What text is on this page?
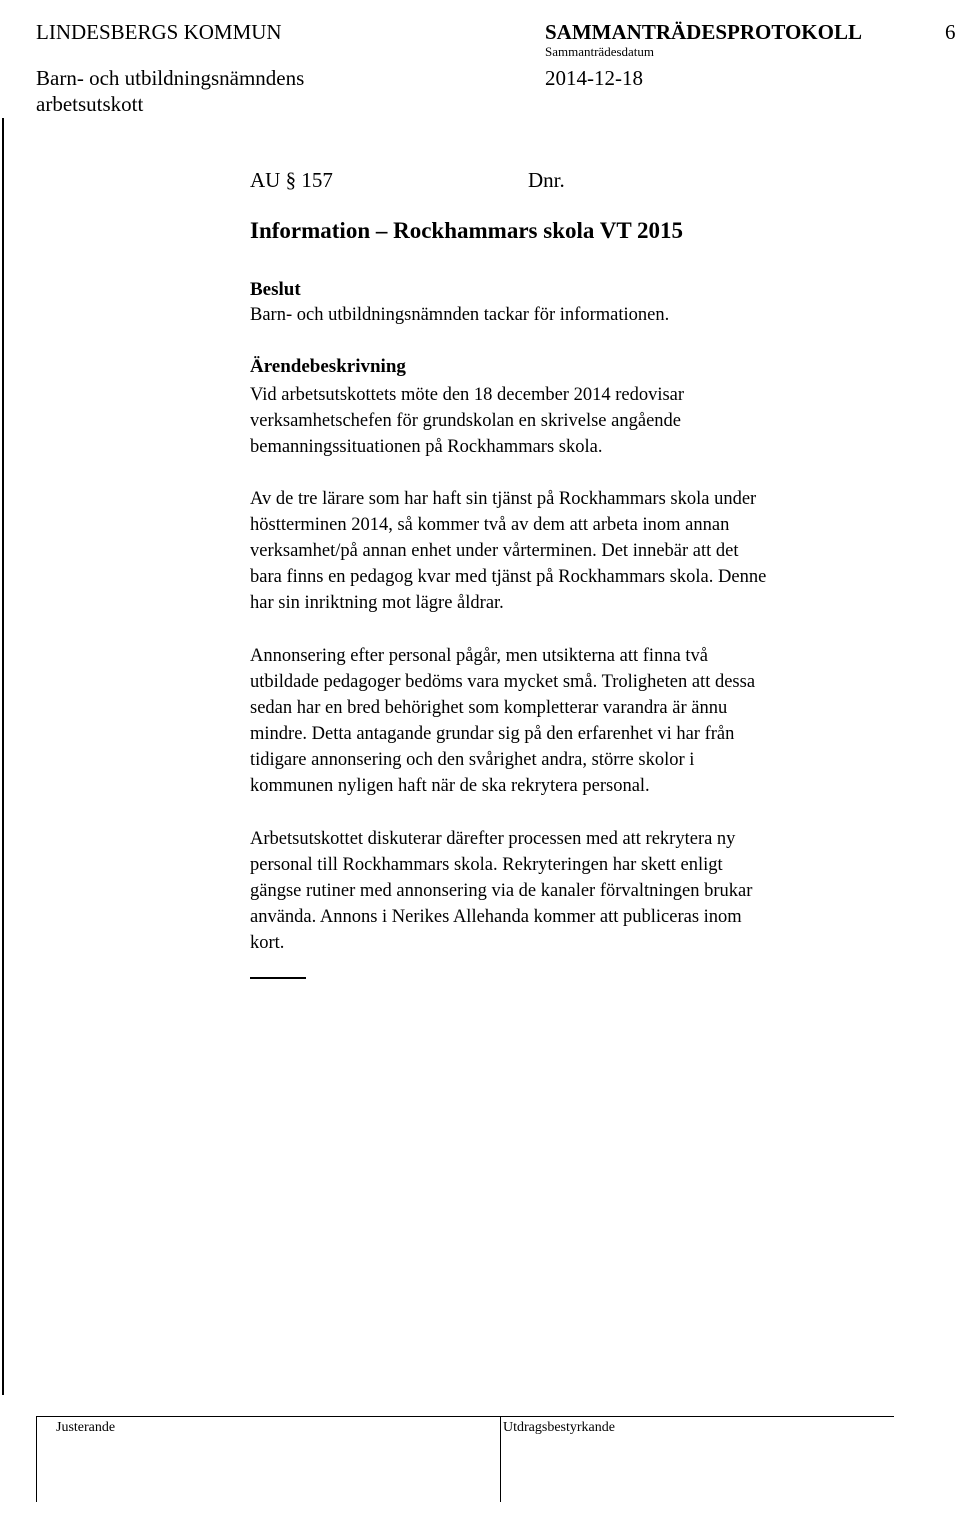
LINDESBERGS KOMMUN	SAMMANTRÄDESPROTOKOLL	6
Sammanträdesdatum
Barn- och utbildningsnämndens	2014-12-18
arbetsutskott
AU § 157	Dnr.
Information – Rockhammars skola VT 2015
Beslut
Barn- och utbildningsnämnden tackar för informationen.
Ärendebeskrivning
Vid arbetsutskottets möte den 18 december 2014 redovisar
verksamhetschefen för grundskolan en skrivelse angående
bemanningssituationen på Rockhammars skola.
Av de tre lärare som har haft sin tjänst på Rockhammars skola under
höstterminen 2014, så kommer två av dem att arbeta inom annan
verksamhet/på annan enhet under vårterminen. Det innebär att det
bara finns en pedagog kvar med tjänst på Rockhammars skola. Denne
har sin inriktning mot lägre åldrar.
Annonsering efter personal pågår, men utsikterna att finna två
utbildade pedagoger bedöms vara mycket små. Troligheten att dessa
sedan har en bred behörighet som kompletterar varandra är ännu
mindre. Detta antagande grundar sig på den erfarenhet vi har från
tidigare annonsering och den svårighet andra, större skolor i
kommunen nyligen haft när de ska rekrytera personal.
Arbetsutskottet diskuterar därefter processen med att rekrytera ny
personal till Rockhammars skola. Rekryteringen har skett enligt
gängse rutiner med annonsering via de kanaler förvaltningen brukar
använda. Annons i Nerikes Allehanda kommer att publiceras inom
kort.
Justerande	Utdragsbestyrkande
